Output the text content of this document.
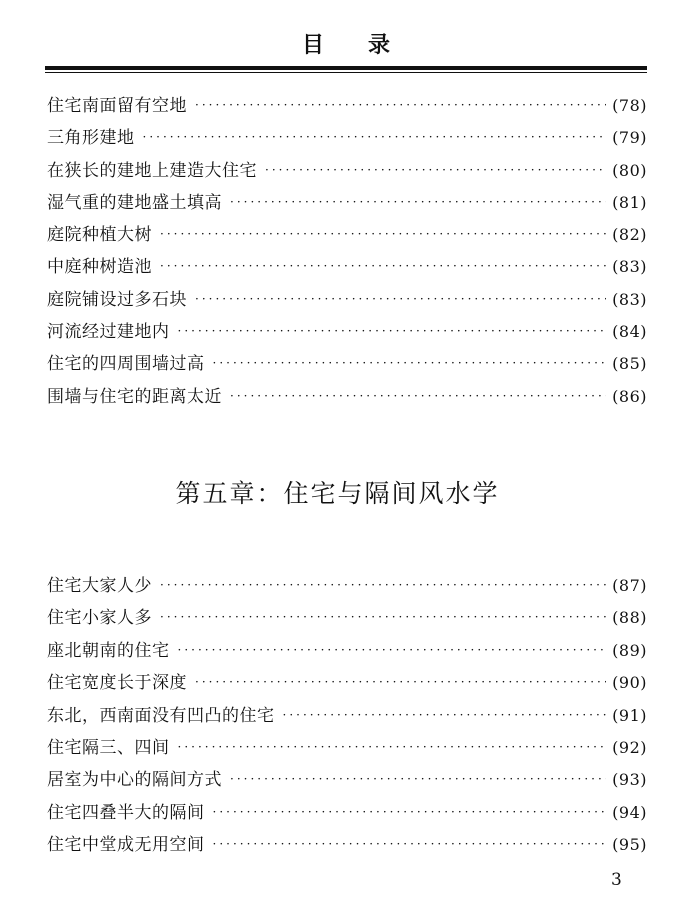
目录
住宅南面留有空地 ·····	(78)
三角形建地 ·····	(79)
在狭长的建地上建造大住宅 ·····	(80)
湿气重的建地盛土填高 ·····	(81)
庭院种植大树 ·····	(82)
中庭种树造池 ·····	(83)
庭院铺设过多石块 ·····	(83)
河流经过建地内 ·····	(84)
住宅的四周围墙过高 ·····	(85)
围墙与住宅的距离太近 ·····	(86)
第五章：住宅与隔间风水学
住宅大家人少 ·····	(87)
住宅小家人多 ·····	(88)
座北朝南的住宅 ·····	(89)
住宅宽度长于深度 ·····	(90)
东北，西南面没有凹凸的住宅 ·····	(91)
住宅隔三、四间 ·····	(92)
居室为中心的隔间方式 ·····	(93)
住宅四叠半大的隔间 ·····	(94)
住宅中堂成无用空间 ·····	(95)
3
